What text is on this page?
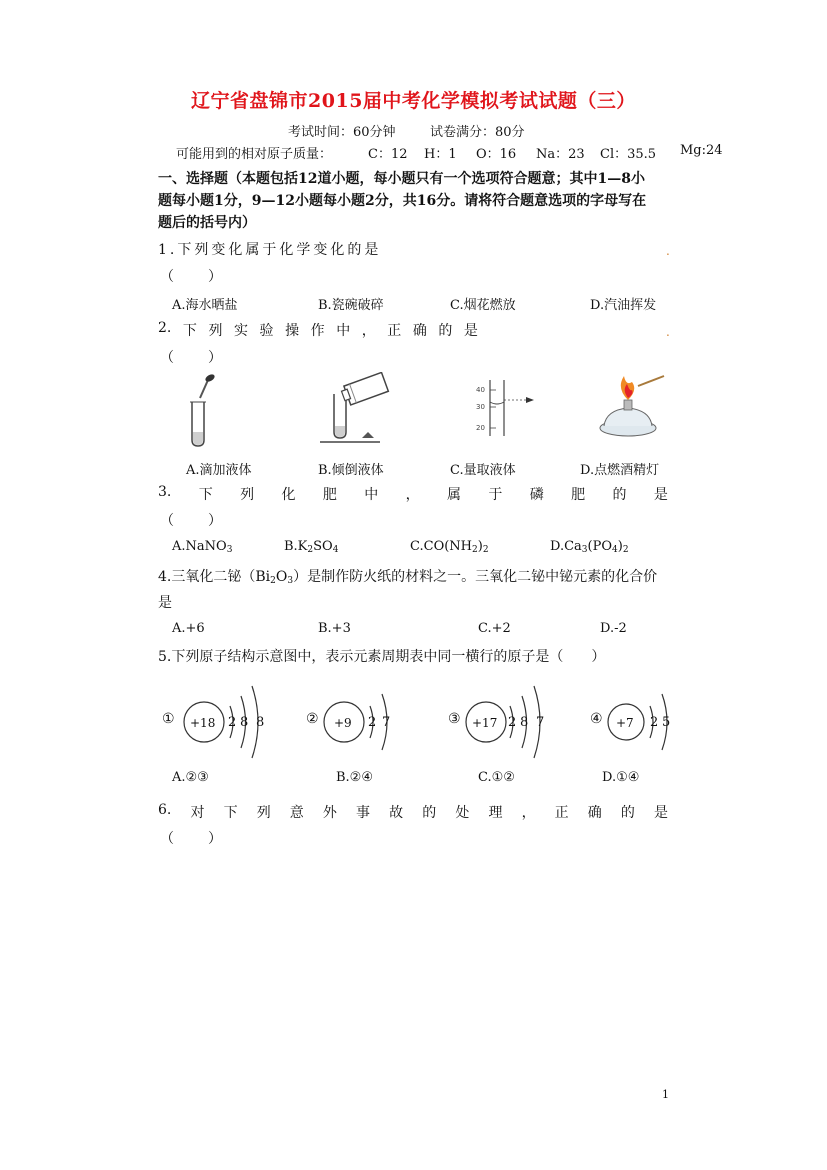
辽宁省盘锦市2015届中考化学模拟考试试题（三）
考试时间：60分钟	试卷满分：80分
可能用到的相对原子质量：	C：12 H：1 O：16 Na：23 Cl：35.5 Mg:24
一、选择题（本题包括12道小题，每小题只有一个选项符合题意；其中1—8小
题每小题1分，9—12小题每小题2分，共16分。请将符合题意选项的字母写在
题后的括号内）
1.下列变化属于化学变化的是	.
（　　）
A.海水晒盐	B.瓷碗破碎	C.烟花燃放	D.汽油挥发
2. 下 列 实 验 操 作 中 ， 正 确 的 是	.
（　　）
40
30
20
A.滴加液体	B.倾倒液体	C.量取液体	D.点燃酒精灯
3. 下 列 化 肥 中 ， 属 于 磷 肥 的 是
（　　）
A.NaNO$_3$	$B.K_2SO_4$	$C.CO(NH_2)_2$	$D.Ca_3(PO_4)_2$
4.三氧化二铋$(Bi_2O_3)$是制作防火纸的材料之一。三氧化二铋中铋元素的化合价
是
A.+6	B.+3	C.+2	D.-2
5.下列原子结构示意图中，表示元素周期表中同一横行的原子是（　　）
① +18 2 8 8	② +9 2 7	③ +17 2 8 7	④ +7 2 5
A.②③	B.②④	C.①②	D.①④
6. 对 下 列 意 外 事 故 的 处 理 ， 正 确 的 是
（　　）
1
